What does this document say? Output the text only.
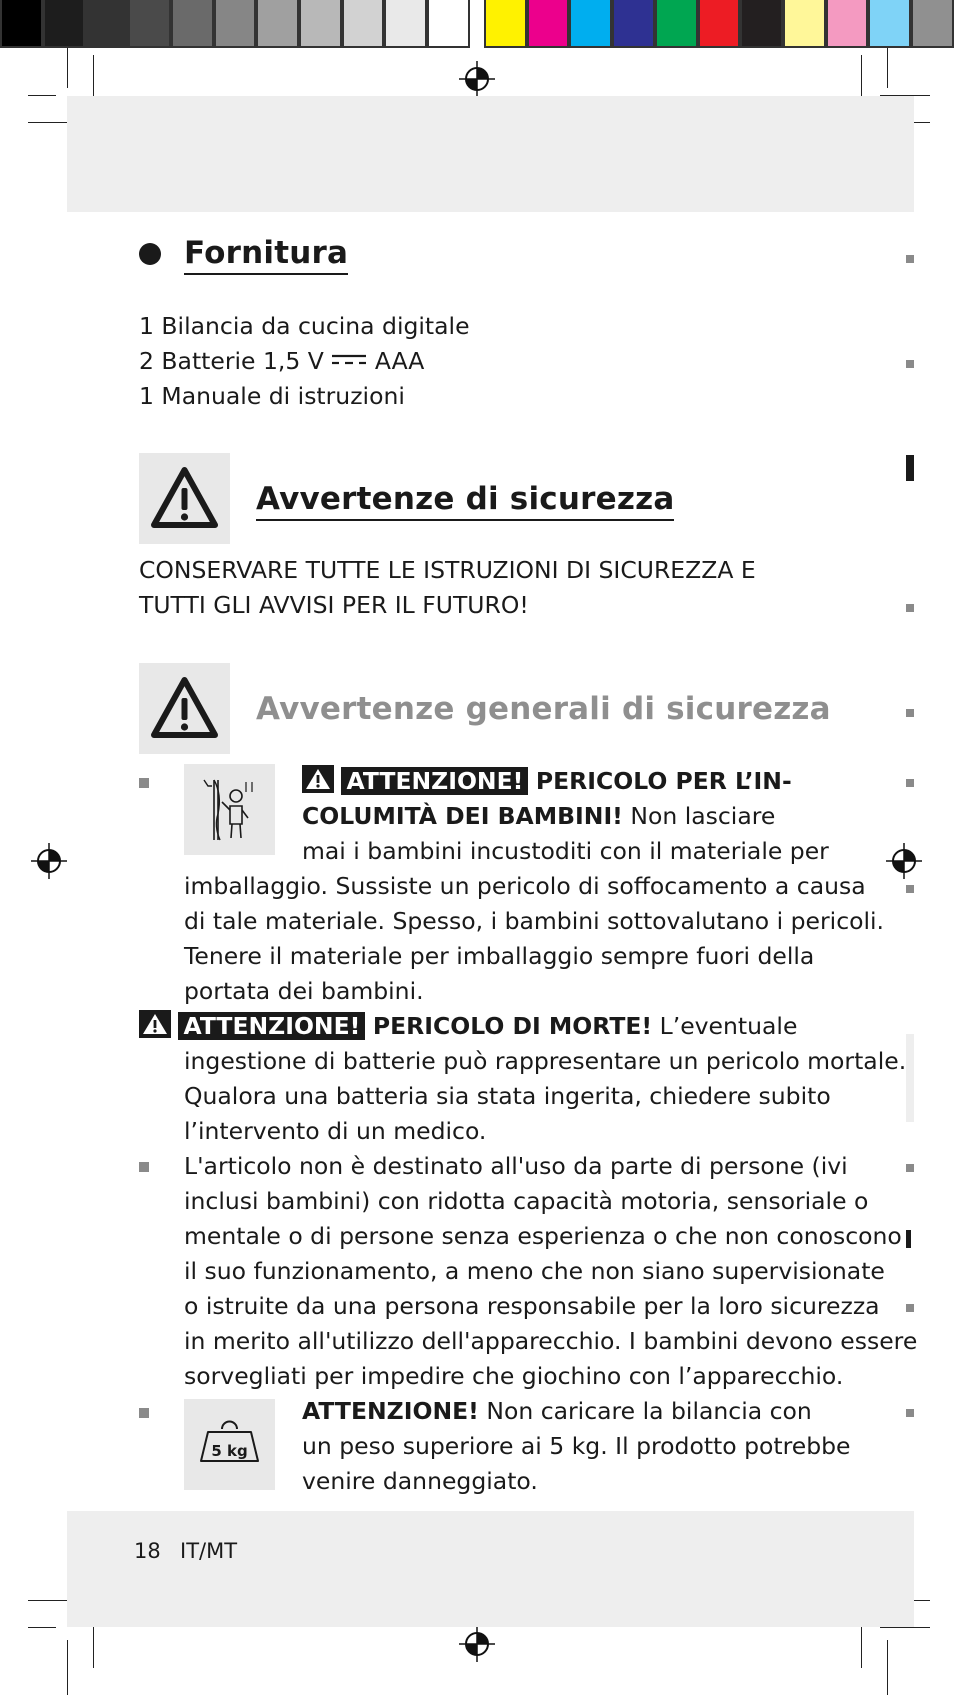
Fornitura
1 Bilancia da cucina digitale
2 Batterie 1,5 V AAA
1 Manuale di istruzioni
Avvertenze di sicurezza
CONSERVARE TUTTE LE ISTRUZIONI DI SICUREZZA E
TUTTI GLI AVVISI PER IL FUTURO!
Avvertenze generali di sicurezza
ATTENZIONE! PERICOLO PER L’IN-
COLUMITÀ DEI BAMBINI! Non lasciare
mai i bambini incustoditi con il materiale per
imballaggio. Sussiste un pericolo di soffocamento a causa
di tale materiale. Spesso, i bambini sottovalutano i pericoli.
Tenere il materiale per imballaggio sempre fuori della
portata dei bambini.
ATTENZIONE! PERICOLO DI MORTE! L’eventuale
ingestione di batterie può rappresentare un pericolo mortale.
Qualora una batteria sia stata ingerita, chiedere subito
l’intervento di un medico.
L'articolo non è destinato all'uso da parte di persone (ivi
inclusi bambini) con ridotta capacità motoria, sensoriale o
mentale o di persone senza esperienza o che non conoscono
il suo funzionamento, a meno che non siano supervisionate
o istruite da una persona responsabile per la loro sicurezza
in merito all'utilizzo dell'apparecchio. I bambini devono essere
sorvegliati per impedire che giochino con l’apparecchio.
5 kg
ATTENZIONE! Non caricare la bilancia con
un peso superiore ai 5 kg. Il prodotto potrebbe
venire danneggiato.
18 IT/MT
